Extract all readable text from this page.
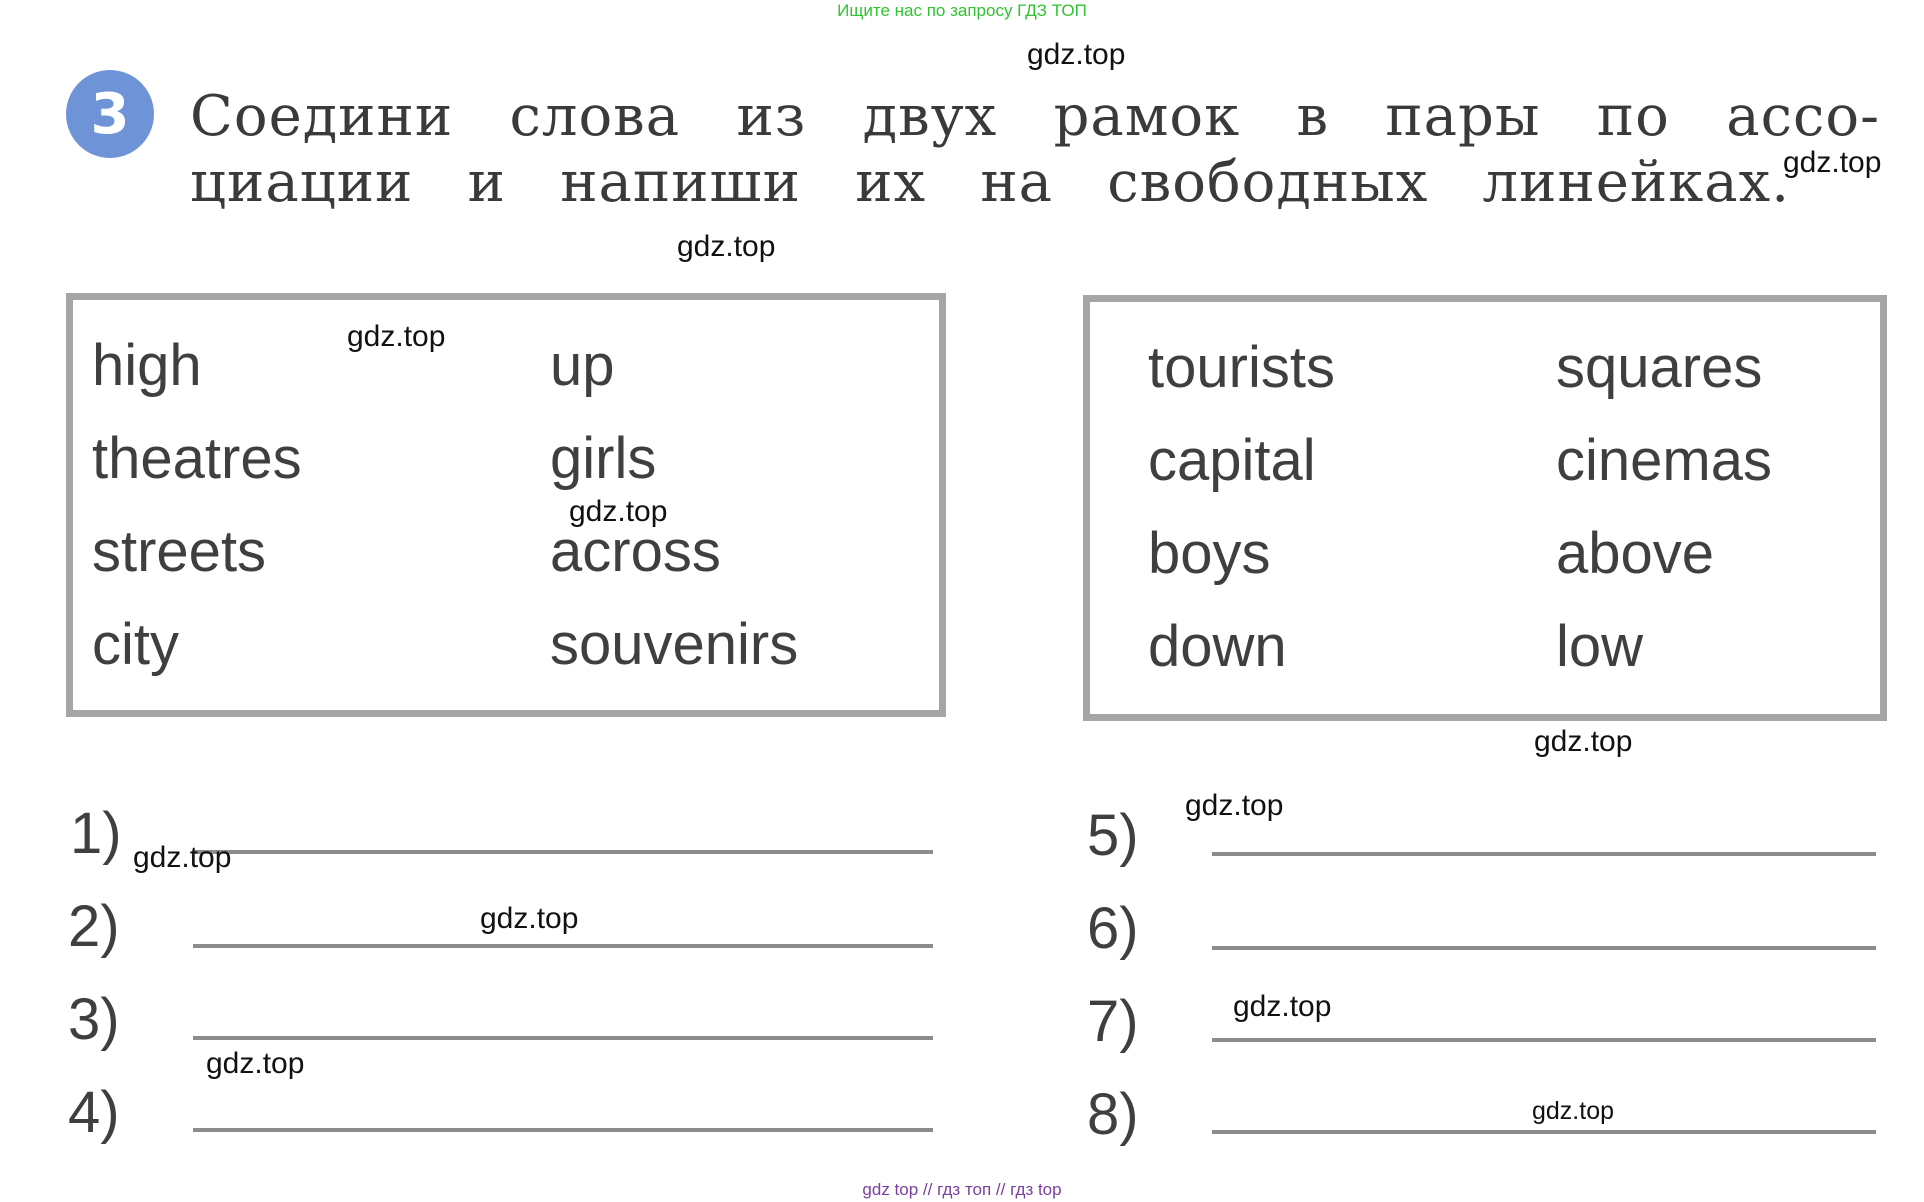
Ищите нас по запросу ГДЗ ТОП
3	Соедини слова из двух рамок в пары по ассо-
циации и напиши их на свободных линейках.
high
theatres
streets
city
up
girls
across
souvenirs
tourists
capital
boys
down
squares
cinemas
above
low
1)
2)
3)
4)
5)
6)
7)
8)
gdz.top
gdz.top
gdz.top
gdz.top
gdz.top
gdz.top
gdz.top
gdz.top
gdz.top
gdz.top
gdz.top
gdz.top
gdz top // гдз топ // гдз top
